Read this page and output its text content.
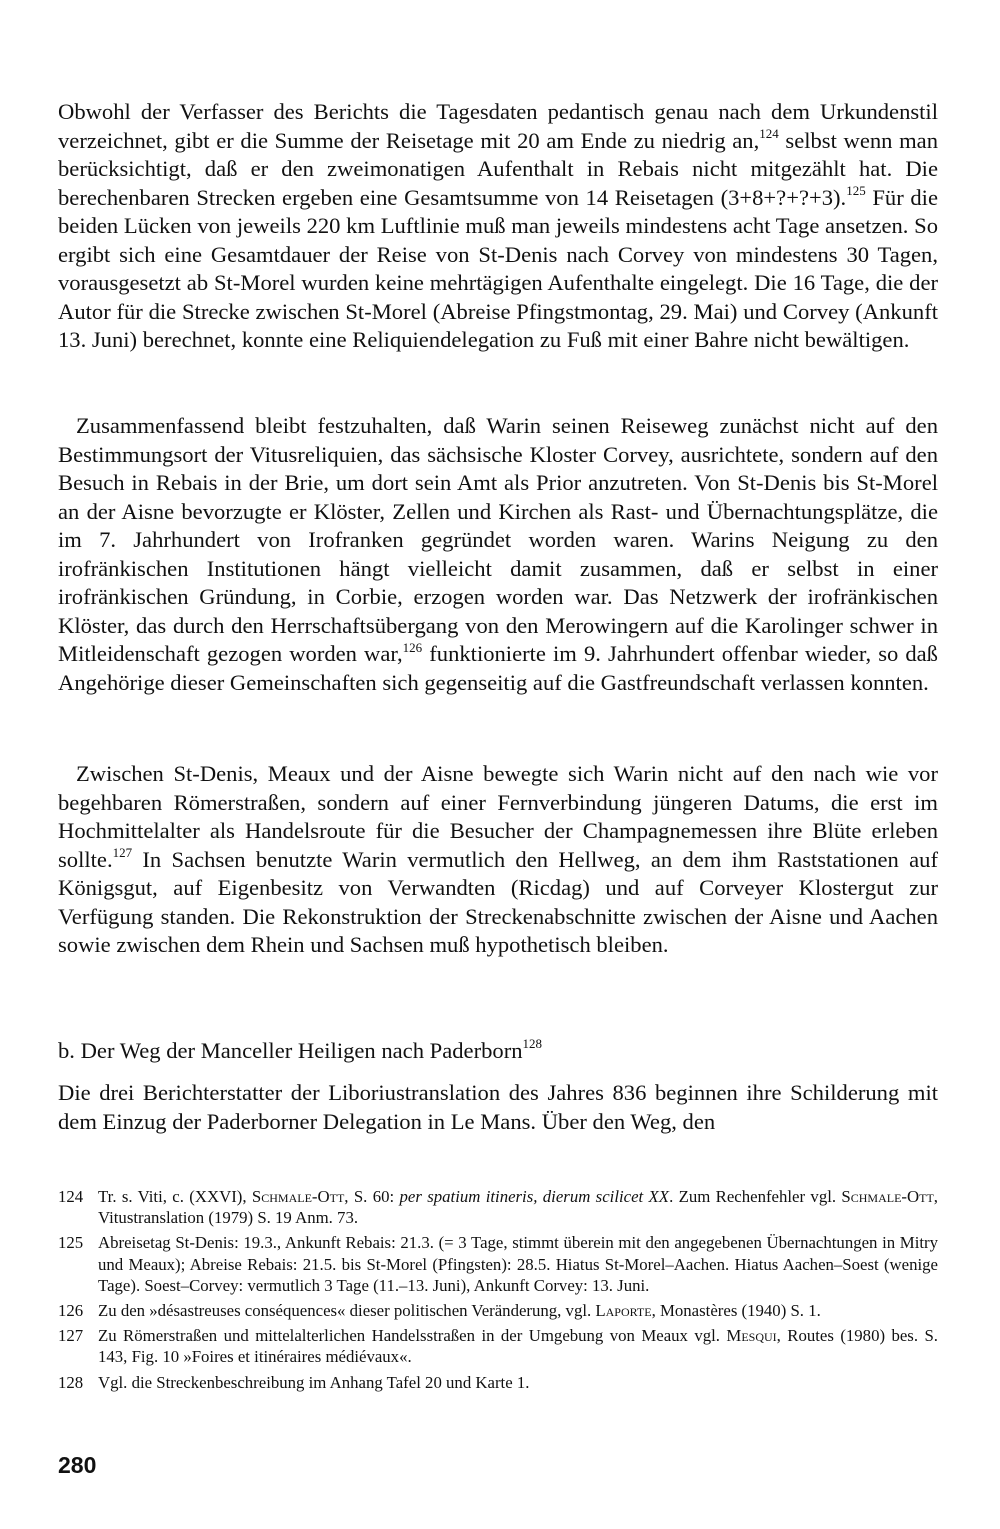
Obwohl der Verfasser des Berichts die Tagesdaten pedantisch genau nach dem Urkundenstil verzeichnet, gibt er die Summe der Reisetage mit 20 am Ende zu niedrig an,$^{124}$ selbst wenn man berücksichtigt, daß er den zweimonatigen Aufenthalt in Rebais nicht mitgezählt hat. Die berechenbaren Strecken ergeben eine Gesamtsumme von 14 Reisetagen (3+8+?+?+3).$^{125}$ Für die beiden Lücken von jeweils 220 km Luftlinie muß man jeweils mindestens acht Tage ansetzen. So ergibt sich eine Gesamtdauer der Reise von St-Denis nach Corvey von mindestens 30 Tagen, vorausgesetzt ab St-Morel wurden keine mehrtägigen Aufenthalte eingelegt. Die 16 Tage, die der Autor für die Strecke zwischen St-Morel (Abreise Pfingstmontag, 29. Mai) und Corvey (Ankunft 13. Juni) berechnet, konnte eine Reliquiendelegation zu Fuß mit einer Bahre nicht bewältigen.

Zusammenfassend bleibt festzuhalten, daß Warin seinen Reiseweg zunächst nicht auf den Bestimmungsort der Vitusreliquien, das sächsische Kloster Corvey, ausrichtete, sondern auf den Besuch in Rebais in der Brie, um dort sein Amt als Prior anzutreten. Von St-Denis bis St-Morel an der Aisne bevorzugte er Klöster, Zellen und Kirchen als Rast- und Übernachtungsplätze, die im 7. Jahrhundert von Irofranken gegründet worden waren. Warins Neigung zu den irofränkischen Institutionen hängt vielleicht damit zusammen, daß er selbst in einer irofränkischen Gründung, in Corbie, erzogen worden war. Das Netzwerk der irofränkischen Klöster, das durch den Herrschaftsübergang von den Merowingern auf die Karolinger schwer in Mitleidenschaft gezogen worden war,$^{126}$ funktionierte im 9. Jahrhundert offenbar wieder, so daß Angehörige dieser Gemeinschaften sich gegenseitig auf die Gastfreundschaft verlassen konnten.

Zwischen St-Denis, Meaux und der Aisne bewegte sich Warin nicht auf den nach wie vor begehbaren Römerstraßen, sondern auf einer Fernverbindung jüngeren Datums, die erst im Hochmittelalter als Handelsroute für die Besucher der Champagnemessen ihre Blüte erleben sollte.$^{127}$ In Sachsen benutzte Warin vermutlich den Hellweg, an dem ihm Raststationen auf Königsgut, auf Eigenbesitz von Verwandten (Ricdag) und auf Corveyer Klostergut zur Verfügung standen. Die Rekonstruktion der Streckenabschnitte zwischen der Aisne und Aachen sowie zwischen dem Rhein und Sachsen muß hypothetisch bleiben.

b. Der Weg der Manceller Heiligen nach Paderborn$^{128}$

Die drei Berichterstatter der Liboriustranslation des Jahres 836 beginnen ihre Schilderung mit dem Einzug der Paderborner Delegation in Le Mans. Über den Weg, den

124 Tr. s. Viti, c. (XXVI), Schmale-Ott, S. 60: per spatium itineris, dierum scilicet XX. Zum Rechenfehler vgl. Schmale-Ott, Vitustranslation (1979) S. 19 Anm. 73.
125 Abreisetag St-Denis: 19.3., Ankunft Rebais: 21.3. (= 3 Tage, stimmt überein mit den angegebenen Übernachtungen in Mitry und Meaux); Abreise Rebais: 21.5. bis St-Morel (Pfingsten): 28.5. Hiatus St-Morel–Aachen. Hiatus Aachen–Soest (wenige Tage). Soest–Corvey: vermutlich 3 Tage (11.–13. Juni), Ankunft Corvey: 13. Juni.
126 Zu den »désastreuses conséquences« dieser politischen Veränderung, vgl. Laporte, Monastères (1940) S. 1.
127 Zu Römerstraßen und mittelalterlichen Handelsstraßen in der Umgebung von Meaux vgl. Mesqui, Routes (1980) bes. S. 143, Fig. 10 »Foires et itinéraires médiévaux«.
128 Vgl. die Streckenbeschreibung im Anhang Tafel 20 und Karte 1.
280
